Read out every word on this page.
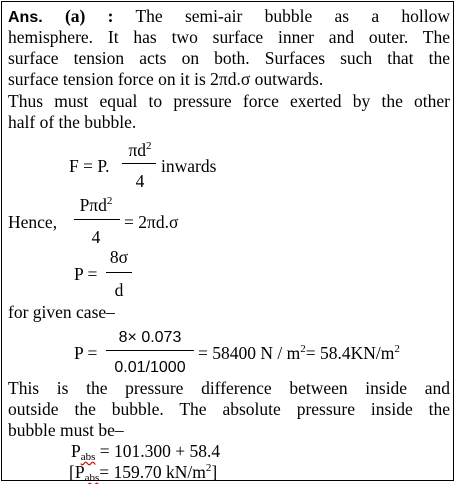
Ans. (a) : The semi-air bubble as a hollow

hemisphere. It has two surface inner and outer. The

surface tension acts on both. Surfaces such that the

surface tension force on it is 2πd.σ outwards.

Thus must equal to pressure force exerted by the other

half of the bubble.

F = P.
$\pi d^2$
4
inwards
Hence,
Pπd$^2$
4
= 2πd.σ
P =
8σ
d

for given case–

P =
8× 0.073
0.01/1000
= 58400 $N / m^2= 58.4KN/m^2$

This is the pressure difference between inside and

outside the bubble. The absolute pressure inside the

bubble must be–

$P_{abs} = 101.300 + 58.4$
[$P_{abs}= 159.70$ $kN/m^2$]
